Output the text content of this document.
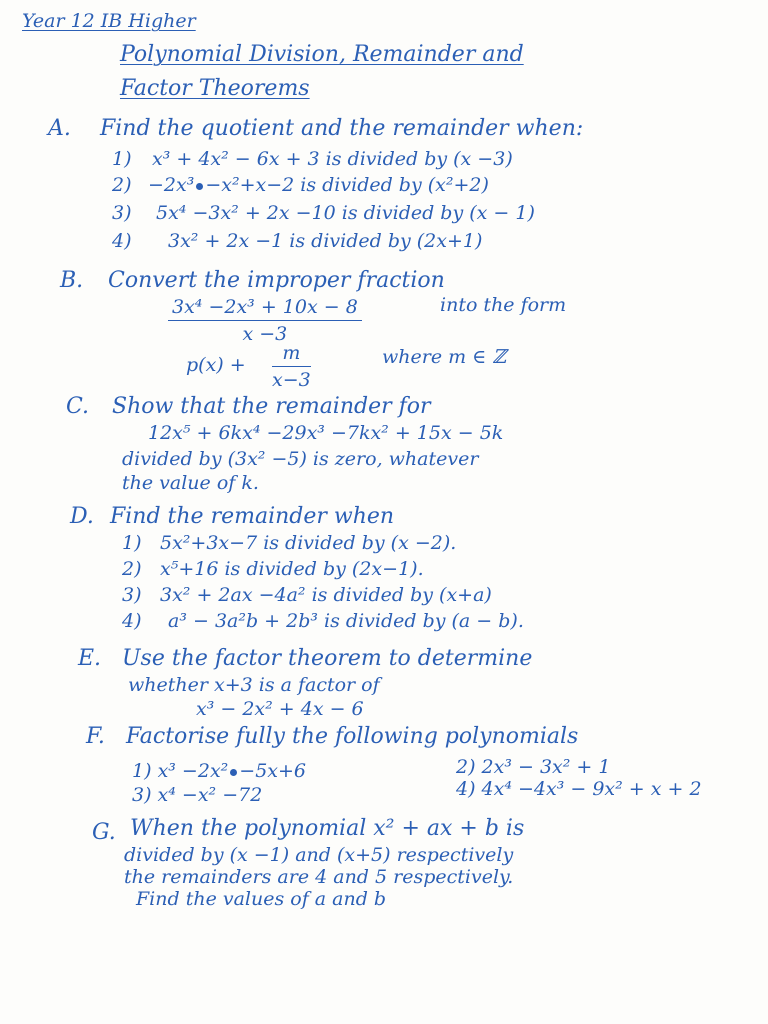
Year 12 IB Higher
Polynomial Division, Remainder and
Factor Theorems
A. Find the quotient and the remainder when:
1) x³ + 4x² − 6x + 3 is divided by (x −3)
2) −2x³ −x²+x−2 is divided by (x²+2)
3) 5x⁴ −3x² + 2x −10 is divided by (x − 1)
4) 3x² + 2x −1 is divided by (2x+1)
B. Convert the improper fraction
$\frac{\text{3x⁴ −2x³ + 10x − 8}}{x -3}$	into the form
$p(x) + \frac{m}{x-3}$	where m ∈ ℤ
C. Show that the remainder for
12x⁵ + 6kx⁴ −29x³ −7kx² + 15x − 5k
divided by (3x² −5) is zero, whatever
the value of k.
D. Find the remainder when
1) 5x²+3x−7 is divided by (x −2).
2) x⁵+16 is divided by (2x−1).
3) 3x² + 2ax −4a² is divided by (x+a)
4) a³ − 3a²b + 2b³ is divided by (a − b).
E. Use the factor theorem to determine
whether x+3 is a factor of
x³ − 2x² + 4x − 6
F. Factorise fully the following polynomials
1) x³ −2x² −5x+6	2) 2x³ − 3x² + 1
3) x⁴ −x² −72	4) 4x⁴ −4x³ − 9x² + x + 2
G. When the polynomial x² + ax + b is
divided by (x −1) and (x+5) respectively
the remainders are 4 and 5 respectively.
Find the values of a and b
